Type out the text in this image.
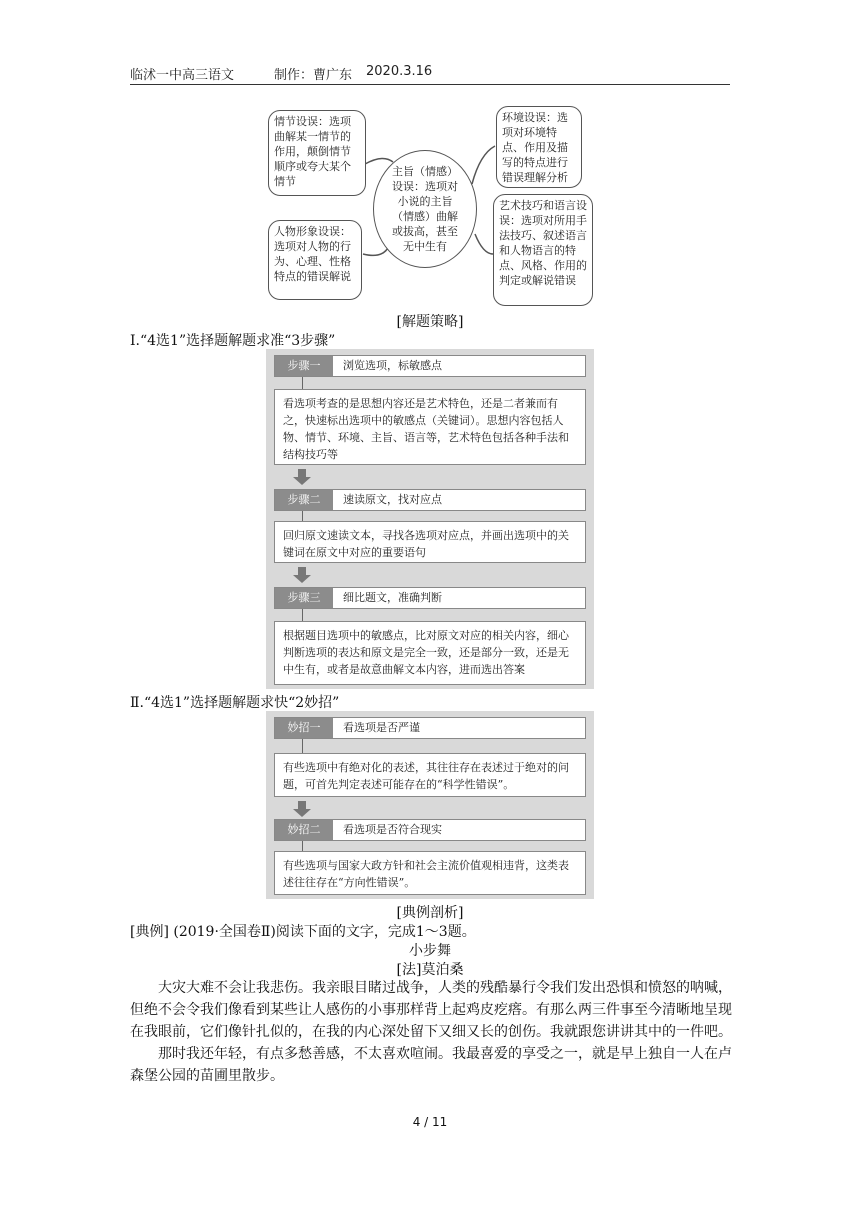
临沭一中高三语文	制作：曹广东 2020.3.16
情节设误：选项曲解某一情节的作用，颠倒情节顺序或夸大某个情节
人物形象设误：选项对人物的行为、心理、性格特点的错误解说
主旨（情感）设误：选项对小说的主旨（情感）曲解或拔高，甚至无中生有
环境设误：选项对环境特点、作用及描写的特点进行错误理解分析
艺术技巧和语言设误：选项对所用手法技巧、叙述语言和人物语言的特点、风格、作用的判定或解说错误
[解题策略]
Ⅰ.“4选1”选择题解题求准“3步骤”
步骤一	浏览选项，标敏感点
看选项考查的是思想内容还是艺术特色，还是二者兼而有之，快速标出选项中的敏感点（关键词）。思想内容包括人物、情节、环境、主旨、语言等，艺术特色包括各种手法和结构技巧等
步骤二	速读原文，找对应点
回归原文速读文本，寻找各选项对应点，并画出选项中的关键词在原文中对应的重要语句
步骤三	细比题文，准确判断
根据题目选项中的敏感点，比对原文对应的相关内容，细心判断选项的表达和原文是完全一致，还是部分一致，还是无中生有，或者是故意曲解文本内容，进而选出答案
Ⅱ.“4选1”选择题解题求快“2妙招”
妙招一	看选项是否严谨
有些选项中有绝对化的表述，其往往存在表述过于绝对的问题，可首先判定表述可能存在的“科学性错误”。
妙招二	看选项是否符合现实
有些选项与国家大政方针和社会主流价值观相违背，这类表述往往存在“方向性错误”。
[典例剖析]
[典例] (2019·全国卷Ⅱ)阅读下面的文字，完成1～3题。
小步舞
[法]莫泊桑

大灾大难不会让我悲伤。我亲眼目睹过战争，人类的残酷暴行令我们发出恐惧和愤怒的呐喊，但绝不会令我们像看到某些让人感伤的小事那样背上起鸡皮疙瘩。有那么两三件事至今清晰地呈现在我眼前，它们像针扎似的，在我的内心深处留下又细又长的创伤。我就跟您讲讲其中的一件吧。

那时我还年轻，有点多愁善感，不太喜欢喧闹。我最喜爱的享受之一，就是早上独自一人在卢森堡公园的苗圃里散步。

4 / 11
